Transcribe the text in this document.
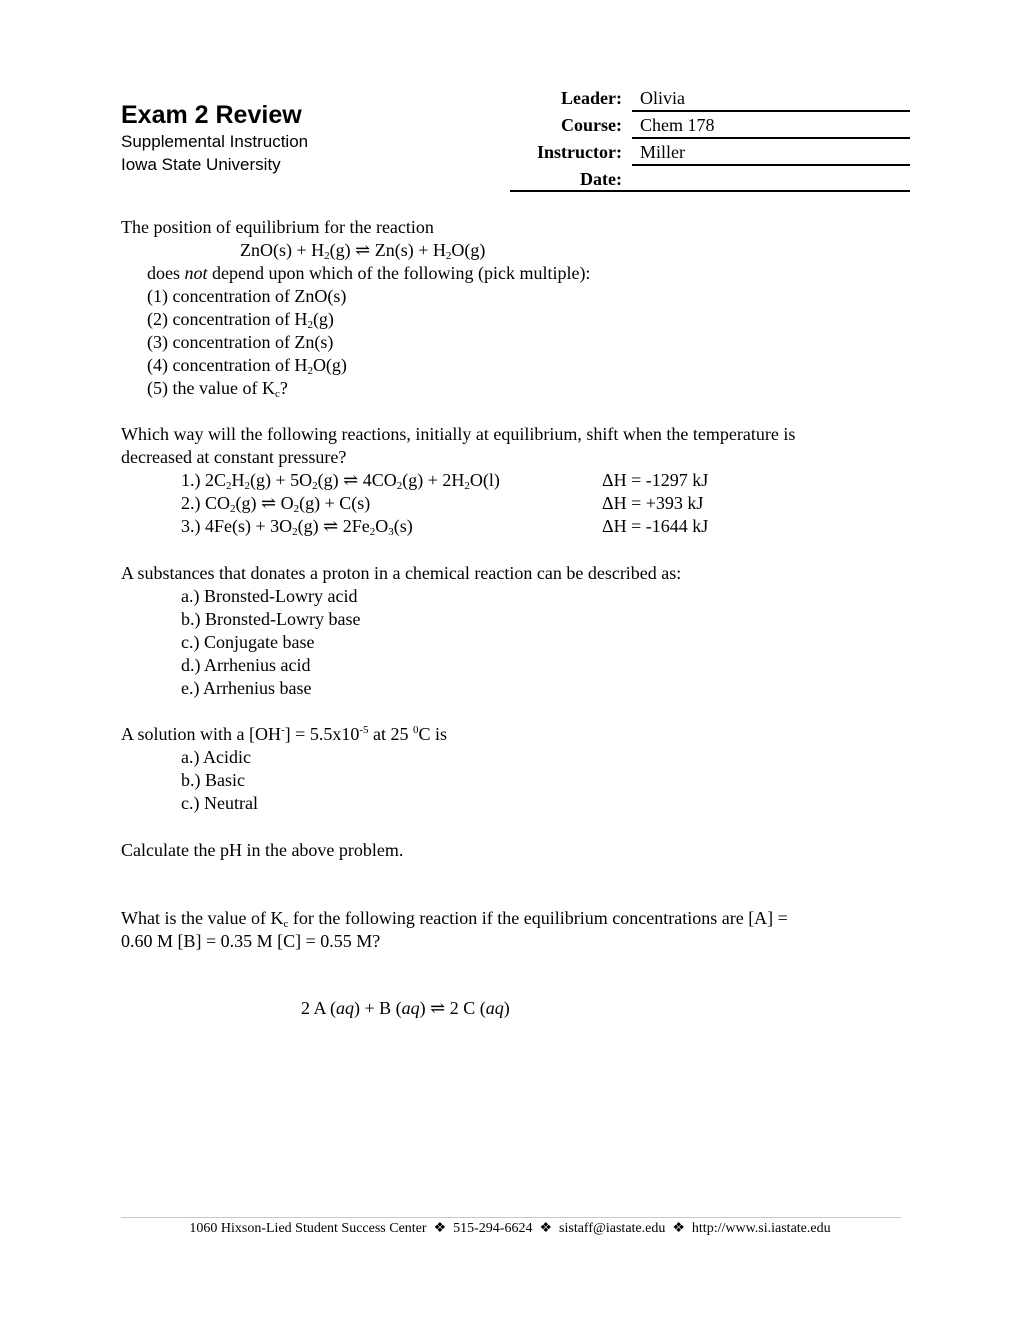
Exam 2 Review
Supplemental Instruction
Iowa State University
Leader: Olivia
Course: Chem 178
Instructor: Miller
Date:
The position of equilibrium for the reaction
$ZnO(s) + H_2(g)$ ⇌ $Zn(s) + H_2O(g)$
does not depend upon which of the following (pick multiple):
(1) concentration of ZnO(s)
(2) concentration of $H_2(g)$
(3) concentration of Zn(s)
(4) concentration of $H_2O(g)$
(5) the value of $K_c$?
Which way will the following reactions, initially at equilibrium, shift when the temperature is
decreased at constant pressure?
1.) $2C_2H_2(g) + 5O_2(g)$ ⇌ $4CO_2(g) + 2H_2O(l)$	ΔH = -1297 kJ
2.) $CO_2(g)$ ⇌ $O_2(g) + C(s)$	ΔH = +393 kJ
3.) $4Fe(s) + 3O_2(g)$ ⇌ $2Fe_2O_3(s)$	ΔH = -1644 kJ
A substances that donates a proton in a chemical reaction can be described as:
a.) Bronsted-Lowry acid
b.) Bronsted-Lowry base
c.) Conjugate base
d.) Arrhenius acid
e.) Arrhenius base
A solution with a $[OH^-] = 5.5x10^{-5}$ at 25 $^0$C is
a.) Acidic
b.) Basic
c.) Neutral
Calculate the pH in the above problem.
What is the value of $K_c$ for the following reaction if the equilibrium concentrations are [A] =
0.60 M [B] = 0.35 M [C] = 0.55 M?
2 A (aq) + B (aq) ⇌ 2 C (aq)
1060 Hixson-Lied Student Success Center ❖ 515-294-6624 ❖ sistaff@iastate.edu ❖ http://www.si.iastate.edu
